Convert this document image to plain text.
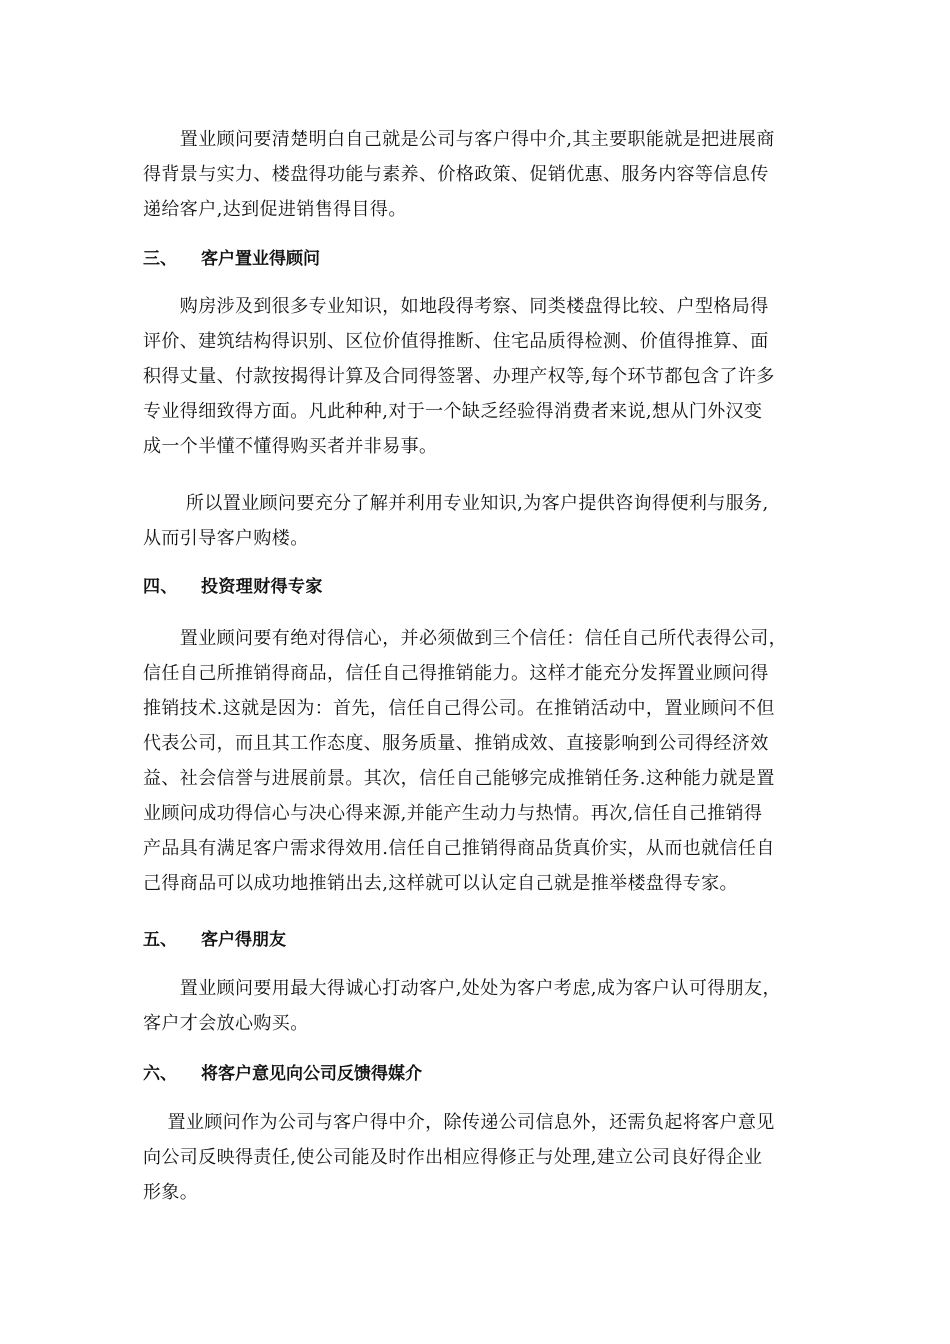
　　置业顾问要清楚明白自己就是公司与客户得中介,其主要职能就是把进展商
得背景与实力、楼盘得功能与素养、价格政策、促销优惠、服务内容等信息传
递给客户,达到促进销售得目得。
三、 客户置业得顾问
　　购房涉及到很多专业知识，如地段得考察、同类楼盘得比较、户型格局得
评价、建筑结构得识别、区位价值得推断、住宅品质得检测、价值得推算、面
积得丈量、付款按揭得计算及合同得签署、办理产权等,每个环节都包含了许多
专业得细致得方面。凡此种种,对于一个缺乏经验得消费者来说,想从门外汉变
成一个半懂不懂得购买者并非易事。
　　 所以置业顾问要充分了解并利用专业知识,为客户提供咨询得便利与服务,
从而引导客户购楼。
四、 投资理财得专家
　　置业顾问要有绝对得信心，并必须做到三个信任：信任自己所代表得公司，
信任自己所推销得商品，信任自己得推销能力。这样才能充分发挥置业顾问得
推销技术.这就是因为：首先，信任自己得公司。在推销活动中，置业顾问不但
代表公司，而且其工作态度、服务质量、推销成效、直接影响到公司得经济效
益、社会信誉与进展前景。其次，信任自己能够完成推销任务.这种能力就是置
业顾问成功得信心与决心得来源,并能产生动力与热情。再次,信任自己推销得
产品具有满足客户需求得效用.信任自己推销得商品货真价实，从而也就信任自
己得商品可以成功地推销出去,这样就可以认定自己就是推举楼盘得专家。
五、 客户得朋友
　　置业顾问要用最大得诚心打动客户,处处为客户考虑,成为客户认可得朋友，
客户才会放心购买。
六、 将客户意见向公司反馈得媒介
　 置业顾问作为公司与客户得中介，除传递公司信息外，还需负起将客户意见
向公司反映得责任,使公司能及时作出相应得修正与处理,建立公司良好得企业
形象。
